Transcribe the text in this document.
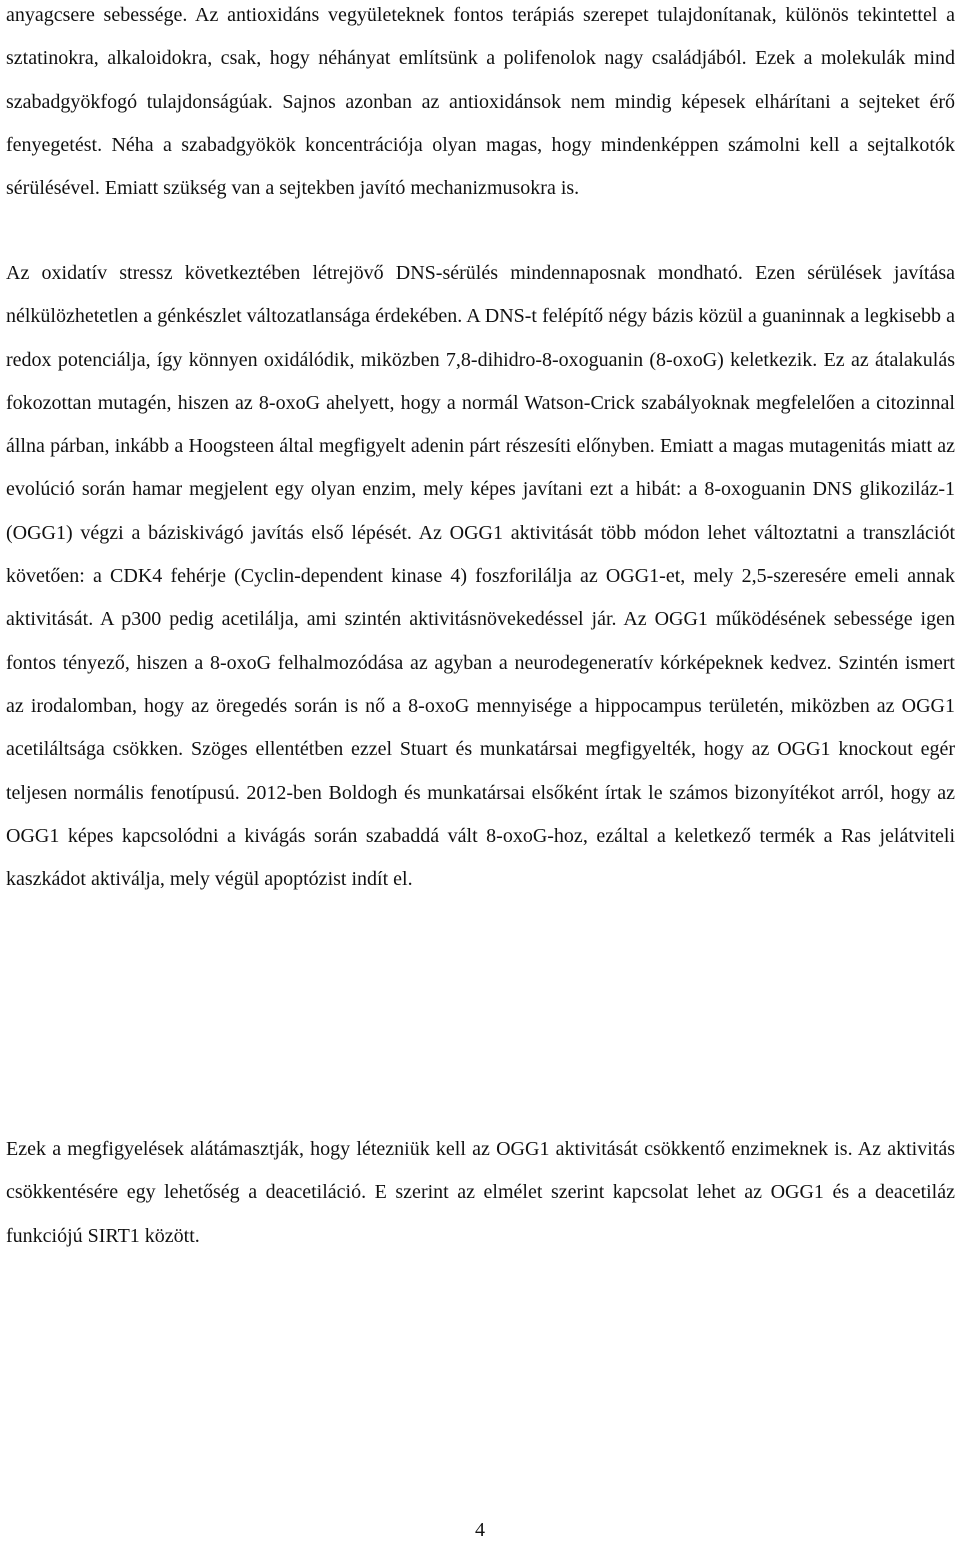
anyagcsere sebessége. Az antioxidáns vegyületeknek fontos terápiás szerepet tulajdonítanak, különös tekintettel a sztatinokra, alkaloidokra, csak, hogy néhányat említsünk a polifenolok nagy családjából. Ezek a molekulák mind szabadgyökfogó tulajdonságúak. Sajnos azonban az antioxidánsok nem mindig képesek elhárítani a sejteket érő fenyegetést. Néha a szabadgyökök koncentrációja olyan magas, hogy mindenképpen számolni kell a sejtalkotók sérülésével. Emiatt szükség van a sejtekben javító mechanizmusokra is.

Az oxidatív stressz következtében létrejövő DNS-sérülés mindennaposnak mondható. Ezen sérülések javítása nélkülözhetetlen a génkészlet változatlansága érdekében. A DNS-t felépítő négy bázis közül a guaninnak a legkisebb a redox potenciálja, így könnyen oxidálódik, miközben 7,8-dihidro-8-oxoguanin (8-oxoG) keletkezik. Ez az átalakulás fokozottan mutagén, hiszen az 8-oxoG ahelyett, hogy a normál Watson-Crick szabályoknak megfelelően a citozinnal állna párban, inkább a Hoogsteen által megfigyelt adenin párt részesíti előnyben. Emiatt a magas mutagenitás miatt az evolúció során hamar megjelent egy olyan enzim, mely képes javítani ezt a hibát: a 8-oxoguanin DNS glikoziláz-1 (OGG1) végzi a báziskivágó javítás első lépését. Az OGG1 aktivitását több módon lehet változtatni a transzlációt követően: a CDK4 fehérje (Cyclin-dependent kinase 4) foszforilálja az OGG1-et, mely 2,5-szeresére emeli annak aktivitását. A p300 pedig acetilálja, ami szintén aktivitásnövekedéssel jár. Az OGG1 működésének sebessége igen fontos tényező, hiszen a 8-oxoG felhalmozódása az agyban a neurodegeneratív kórképeknek kedvez. Szintén ismert az irodalomban, hogy az öregedés során is nő a 8-oxoG mennyisége a hippocampus területén, miközben az OGG1 acetiláltsága csökken. Szöges ellentétben ezzel Stuart és munkatársai megfigyelték, hogy az OGG1 knockout egér teljesen normális fenotípusú. 2012-ben Boldogh és munkatársai elsőként írtak le számos bizonyítékot arról, hogy az OGG1 képes kapcsolódni a kivágás során szabaddá vált 8-oxoG-hoz, ezáltal a keletkező termék a Ras jelátviteli kaszkádot aktiválja, mely végül apoptózist indít el.

Ezek a megfigyelések alátámasztják, hogy létezniük kell az OGG1 aktivitását csökkentő enzimeknek is. Az aktivitás csökkentésére egy lehetőség a deacetiláció. E szerint az elmélet szerint kapcsolat lehet az OGG1 és a deacetiláz funkciójú SIRT1 között.

4
